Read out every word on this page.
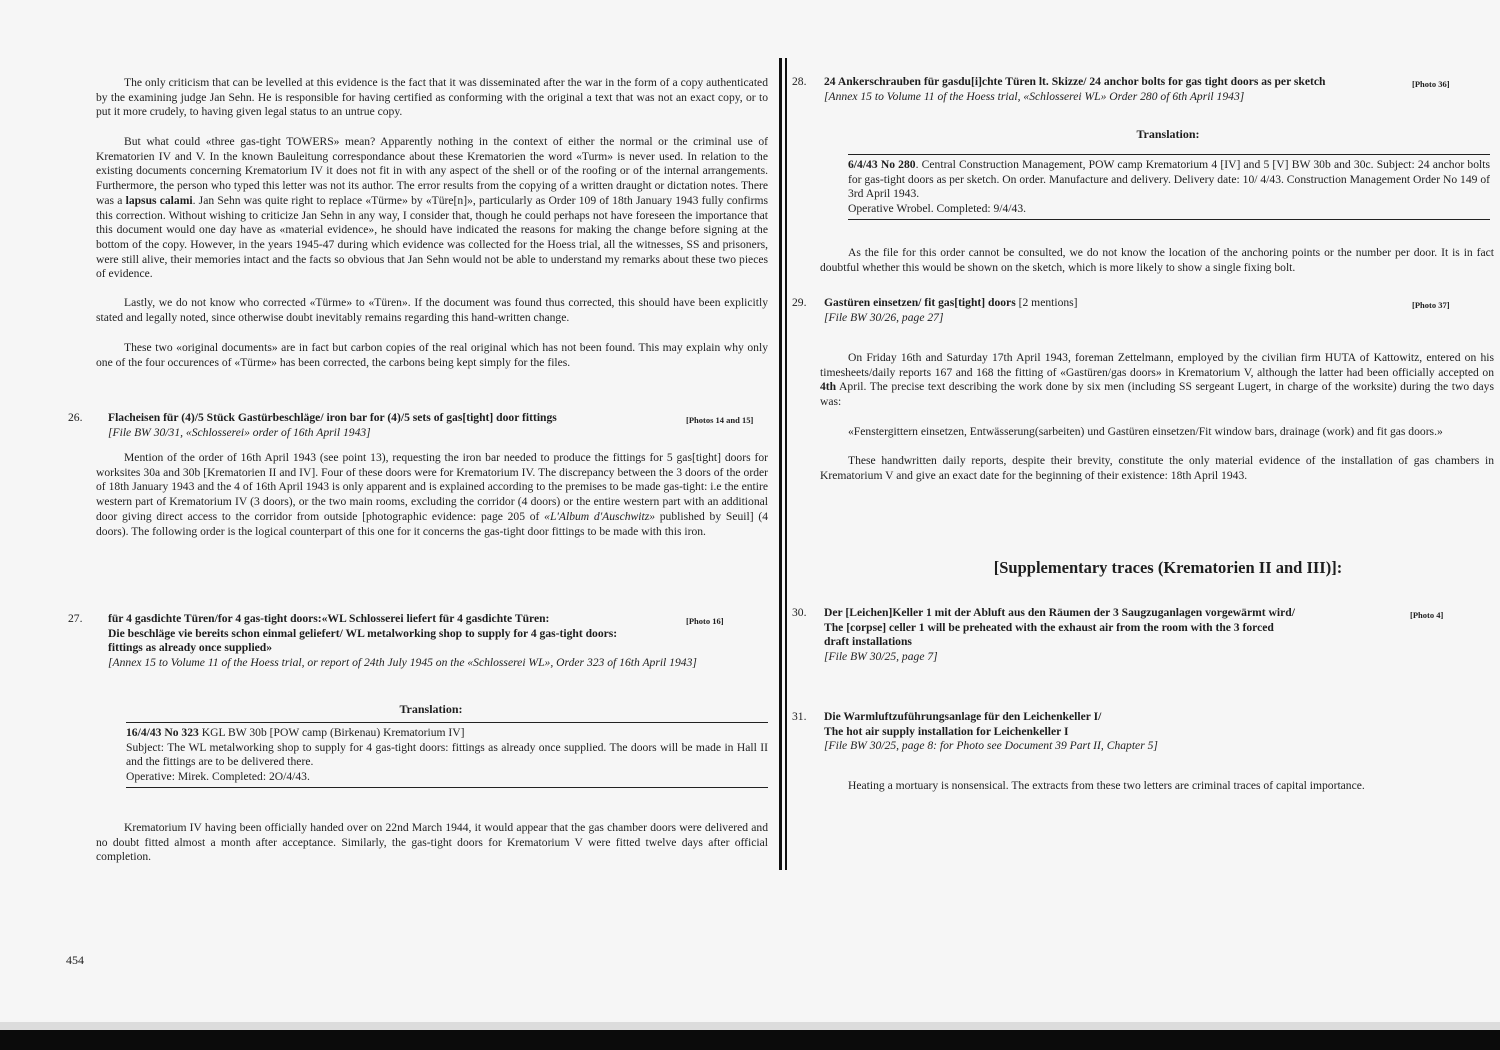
The only criticism that can be levelled at this evidence is the fact that it was disseminated after the war in the form of a copy authenticated by the examining judge Jan Sehn. He is responsible for having certified as conforming with the original a text that was not an exact copy, or to put it more crudely, to having given legal status to an untrue copy.

But what could «three gas-tight TOWERS» mean? Apparently nothing in the context of either the normal or the criminal use of Krematorien IV and V. In the known Bauleitung correspondance about these Krematorien the word «Turm» is never used. In relation to the existing documents concerning Krematorium IV it does not fit in with any aspect of the shell or of the roofing or of the internal arrangements. Furthermore, the person who typed this letter was not its author. The error results from the copying of a written draught or dictation notes. There was a lapsus calami. Jan Sehn was quite right to replace «Türme» by «Türe[n]», particularly as Order 109 of 18th January 1943 fully confirms this correction. Without wishing to criticize Jan Sehn in any way, I consider that, though he could perhaps not have foreseen the importance that this document would one day have as «material evidence», he should have indicated the reasons for making the change before signing at the bottom of the copy. However, in the years 1945-47 during which evidence was collected for the Hoess trial, all the witnesses, SS and prisoners, were still alive, their memories intact and the facts so obvious that Jan Sehn would not be able to understand my remarks about these two pieces of evidence.

Lastly, we do not know who corrected «Türme» to «Türen». If the document was found thus corrected, this should have been explicitly stated and legally noted, since otherwise doubt inevitably remains regarding this hand-written change.

These two «original documents» are in fact but carbon copies of the real original which has not been found. This may explain why only one of the four occurences of «Türme» has been corrected, the carbons being kept simply for the files.

26. Flacheisen für (4)/5 Stück Gastürbeschläge/ iron bar for (4)/5 sets of gas[tight] door fittings
[File BW 30/31, «Schlosserei» order of 16th April 1943]
[Photos 14 and 15]

Mention of the order of 16th April 1943 (see point 13), requesting the iron bar needed to produce the fittings for 5 gas[tight] doors for worksites 30a and 30b [Krematorien II and IV]. Four of these doors were for Krematorium IV. The discrepancy between the 3 doors of the order of 18th January 1943 and the 4 of 16th April 1943 is only apparent and is explained according to the premises to be made gas-tight: i.e the entire western part of Krematorium IV (3 doors), or the two main rooms, excluding the corridor (4 doors) or the entire western part with an additional door giving direct access to the corridor from outside [photographic evidence: page 205 of «L'Album d'Auschwitz» published by Seuil] (4 doors). The following order is the logical counterpart of this one for it concerns the gas-tight door fittings to be made with this iron.

27. für 4 gasdichte Türen/for 4 gas-tight doors:«WL Schlosserei liefert für 4 gasdichte Türen:
Die beschläge vie bereits schon einmal geliefert/ WL metalworking shop to supply for 4 gas-tight doors:
fittings as already once supplied»
[Annex 15 to Volume 11 of the Hoess trial, or report of 24th July 1945 on the «Schlosserei WL», Order 323 of 16th April 1943]
[Photo 16]
Translation:
16/4/43 No 323 KGL BW 30b [POW camp (Birkenau) Krematorium IV]
Subject: The WL metalworking shop to supply for 4 gas-tight doors: fittings as already once supplied. The doors will be made in Hall II and the fittings are to be delivered there.
Operative: Mirek. Completed: 2O/4/43.

Krematorium IV having been officially handed over on 22nd March 1944, it would appear that the gas chamber doors were delivered and no doubt fitted almost a month after acceptance. Similarly, the gas-tight doors for Krematorium V were fitted twelve days after official completion.

28. 24 Ankerschrauben für gasdu[i]chte Türen lt. Skizze/ 24 anchor bolts for gas tight doors as per sketch
[Annex 15 to Volume 11 of the Hoess trial, «Schlosserei WL» Order 280 of 6th April 1943]
[Photo 36]
Translation:
6/4/43 No 280. Central Construction Management, POW camp Krematorium 4 [IV] and 5 [V] BW 30b and 30c. Subject: 24 anchor bolts for gas-tight doors as per sketch. On order. Manufacture and delivery. Delivery date: 10/ 4/43. Construction Management Order No 149 of 3rd April 1943.
Operative Wrobel. Completed: 9/4/43.

As the file for this order cannot be consulted, we do not know the location of the anchoring points or the number per door. It is in fact doubtful whether this would be shown on the sketch, which is more likely to show a single fixing bolt.

29. Gastüren einsetzen/ fit gas[tight] doors [2 mentions]
[File BW 30/26, page 27]
[Photo 37]

On Friday 16th and Saturday 17th April 1943, foreman Zettelmann, employed by the civilian firm HUTA of Kattowitz, entered on his timesheets/daily reports 167 and 168 the fitting of «Gastüren/gas doors» in Krematorium V, although the latter had been officially accepted on 4th April. The precise text describing the work done by six men (including SS sergeant Lugert, in charge of the worksite) during the two days was:

«Fenstergittern einsetzen, Entwässerung(sarbeiten) und Gastüren einsetzen/Fit window bars, drainage (work) and fit gas doors.»

These handwritten daily reports, despite their brevity, constitute the only material evidence of the installation of gas chambers in Krematorium V and give an exact date for the beginning of their existence: 18th April 1943.

[Supplementary traces (Krematorien II and III)]:
30. Der [Leichen]Keller 1 mit der Abluft aus den Räumen der 3 Saugzuganlagen vorgewärmt wird/
The [corpse] celler 1 will be preheated with the exhaust air from the room with the 3 forced
draft installations
[File BW 30/25, page 7]
[Photo 4]
31. Die Warmluftzuführungsanlage für den Leichenkeller I/
The hot air supply installation for Leichenkeller I
[File BW 30/25, page 8: for Photo see Document 39 Part II, Chapter 5]

Heating a mortuary is nonsensical. The extracts from these two letters are criminal traces of capital importance.

454
